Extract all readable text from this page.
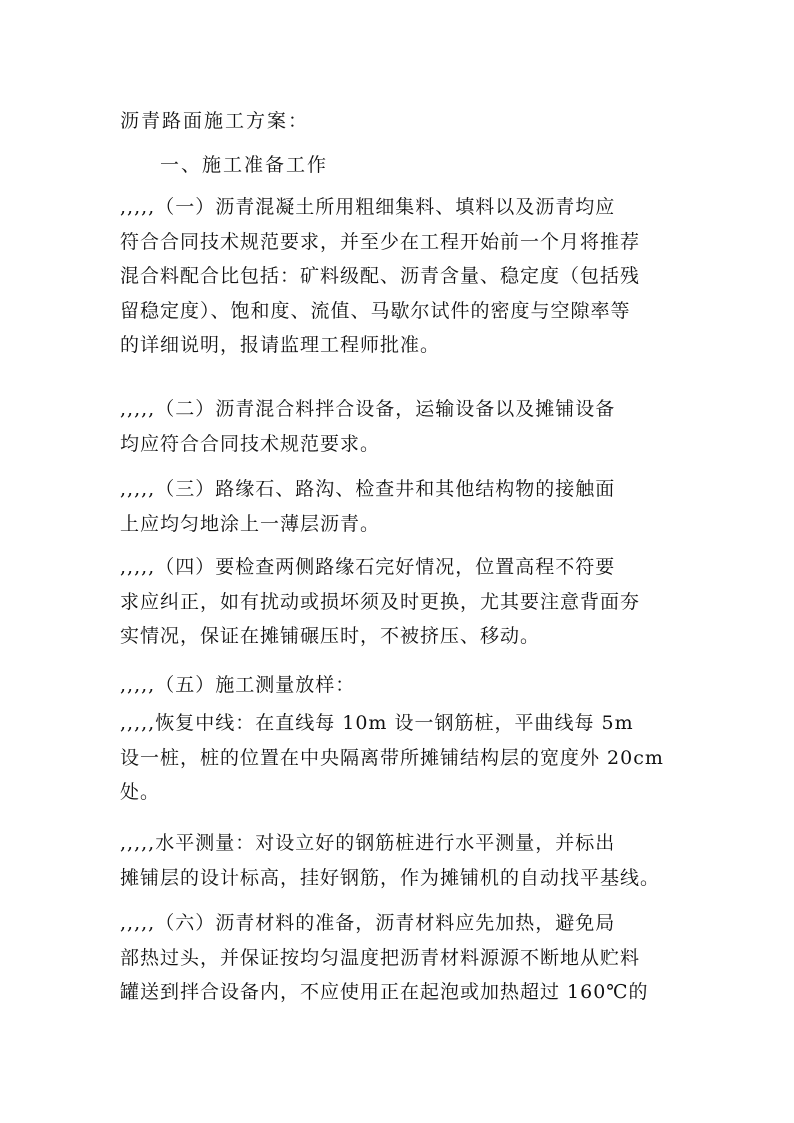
沥青路面施工方案：
一、施工准备工作
,,,,,（一）沥青混凝土所用粗细集料、填料以及沥青均应
符合合同技术规范要求，并至少在工程开始前一个月将推荐
混合料配合比包括：矿料级配、沥青含量、稳定度（包括残
留稳定度）、饱和度、流值、马歇尔试件的密度与空隙率等
的详细说明，报请监理工程师批准。
,,,,,（二）沥青混合料拌合设备，运输设备以及摊铺设备
均应符合合同技术规范要求。
,,,,,（三）路缘石、路沟、检查井和其他结构物的接触面
上应均匀地涂上一薄层沥青。
,,,,,（四）要检查两侧路缘石完好情况，位置高程不符要
求应纠正，如有扰动或损坏须及时更换，尤其要注意背面夯
实情况，保证在摊铺碾压时，不被挤压、移动。
,,,,,（五）施工测量放样：
,,,,,恢复中线：在直线每 10m 设一钢筋桩，平曲线每 5m
设一桩，桩的位置在中央隔离带所摊铺结构层的宽度外 20cm
处。
,,,,,水平测量：对设立好的钢筋桩进行水平测量，并标出
摊铺层的设计标高，挂好钢筋，作为摊铺机的自动找平基线。
,,,,,（六）沥青材料的准备，沥青材料应先加热，避免局
部热过头，并保证按均匀温度把沥青材料源源不断地从贮料
罐送到拌合设备内，不应使用正在起泡或加热超过 160℃的
